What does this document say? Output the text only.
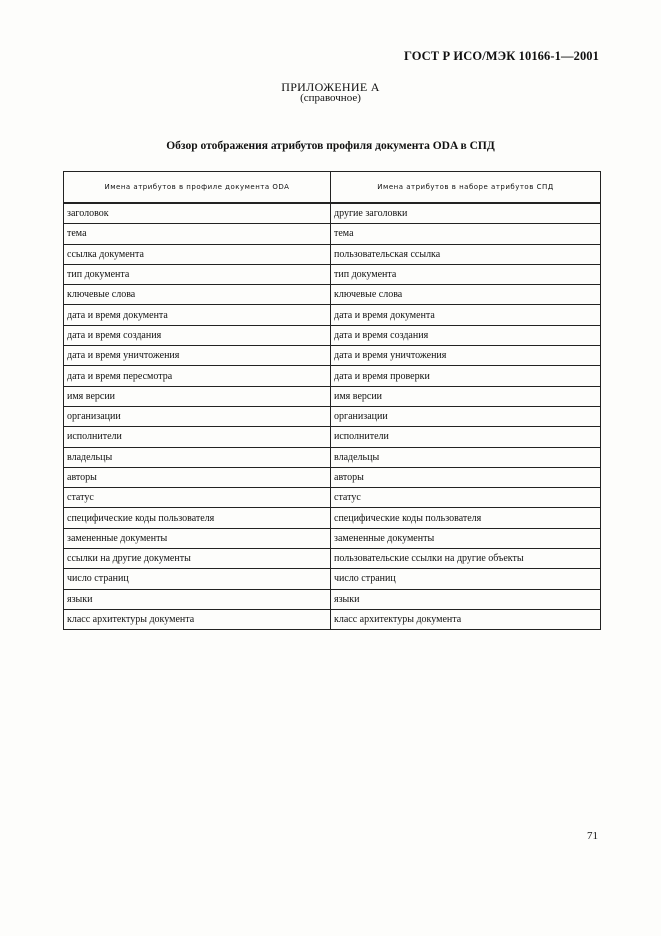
ГОСТ Р ИСО/МЭК 10166-1—2001
ПРИЛОЖЕНИЕ А
(справочное)
Обзор отображения атрибутов профиля документа ODA в СПД
Имена атрибутов в профиле документа ODA	Имена атрибутов в наборе атрибутов СПД
заголовок	другие заголовки
тема	тема
ссылка документа	пользовательская ссылка
тип документа	тип документа
ключевые слова	ключевые слова
дата и время документа	дата и время документа
дата и время создания	дата и время создания
дата и время уничтожения	дата и время уничтожения
дата и время пересмотра	дата и время проверки
имя версии	имя версии
организации	организации
исполнители	исполнители
владельцы	владельцы
авторы	авторы
статус	статус
специфические коды пользователя	специфические коды пользователя
замененные документы	замененные документы
ссылки на другие документы	пользовательские ссылки на другие объекты
число страниц	число страниц
языки	языки
класс архитектуры документа	класс архитектуры документа
71
